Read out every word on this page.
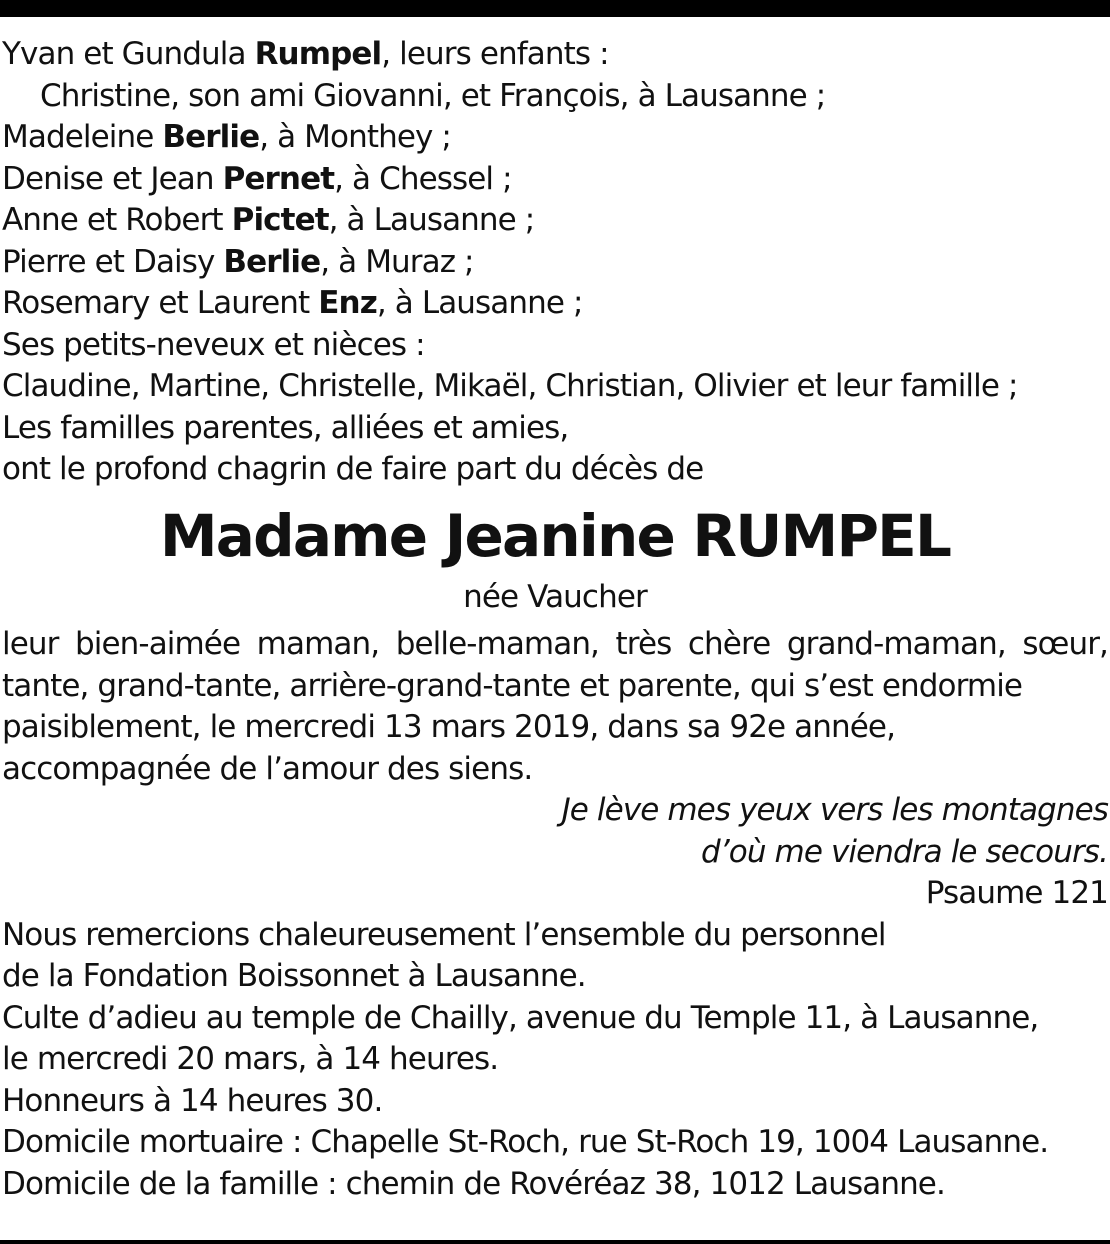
Yvan et Gundula Rumpel, leurs enfants :
Christine, son ami Giovanni, et François, à Lausanne ;
Madeleine Berlie, à Monthey ;
Denise et Jean Pernet, à Chessel ;
Anne et Robert Pictet, à Lausanne ;
Pierre et Daisy Berlie, à Muraz ;
Rosemary et Laurent Enz, à Lausanne ;
Ses petits-neveux et nièces :
Claudine, Martine, Christelle, Mikaël, Christian, Olivier et leur famille ;
Les familles parentes, alliées et amies,
ont le profond chagrin de faire part du décès de
Madame Jeanine RUMPEL
née Vaucher
leur bien-aimée maman, belle-maman, très chère grand-maman, sœur,
tante, grand-tante, arrière-grand-tante et parente, qui s’est endormie
paisiblement, le mercredi 13 mars 2019, dans sa 92e année,
accompagnée de l’amour des siens.
Je lève mes yeux vers les montagnes
d’où me viendra le secours.
Psaume 121
Nous remercions chaleureusement l’ensemble du personnel
de la Fondation Boissonnet à Lausanne.
Culte d’adieu au temple de Chailly, avenue du Temple 11, à Lausanne,
le mercredi 20 mars, à 14 heures.
Honneurs à 14 heures 30.
Domicile mortuaire : Chapelle St-Roch, rue St-Roch 19, 1004 Lausanne.
Domicile de la famille : chemin de Rovéréaz 38, 1012 Lausanne.
